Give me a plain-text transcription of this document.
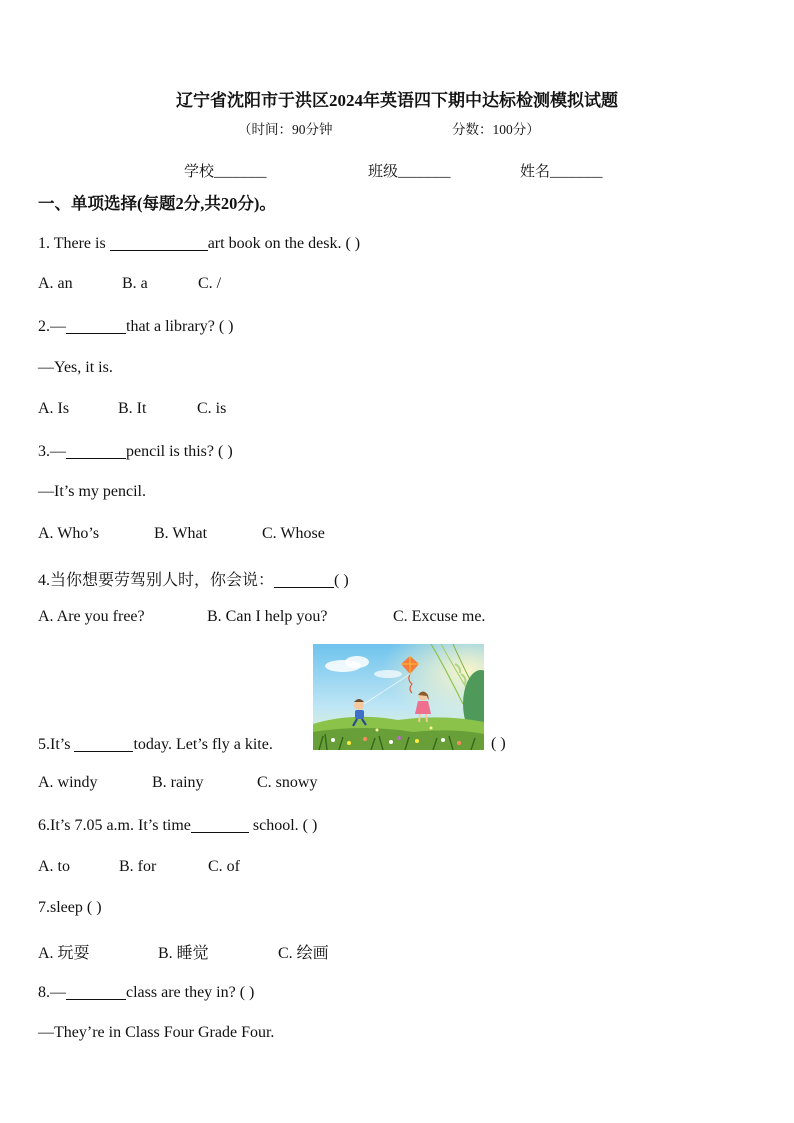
辽宁省沈阳市于洪区2024年英语四下期中达标检测模拟试题
（时间：90分钟	分数：100分）
学校_______	班级_______	姓名_______
一、单项选择(每题2分,共20分)。
1. There is	art book on the desk. ( )
A. an	B. a	C. /
2.—	that a library? ( )
—Yes, it is.
A. Is	B. It	C. is
3.—	pencil is this? ( )
—It’s my pencil.
A. Who’s	B. What	C. Whose
4.当你想要劳驾别人时，你会说：	( )
A. Are you free?	B. Can I help you?	C. Excuse me.
5.It’s	today. Let’s fly a kite.	( )
A. windy	B. rainy	C. snowy
6.It’s 7.05 a.m. It’s time	school. ( )
A. to	B. for	C. of
7.sleep ( )
A. 玩耍	B. 睡觉	C. 绘画
8.—	class are they in? ( )
—They’re in Class Four Grade Four.
